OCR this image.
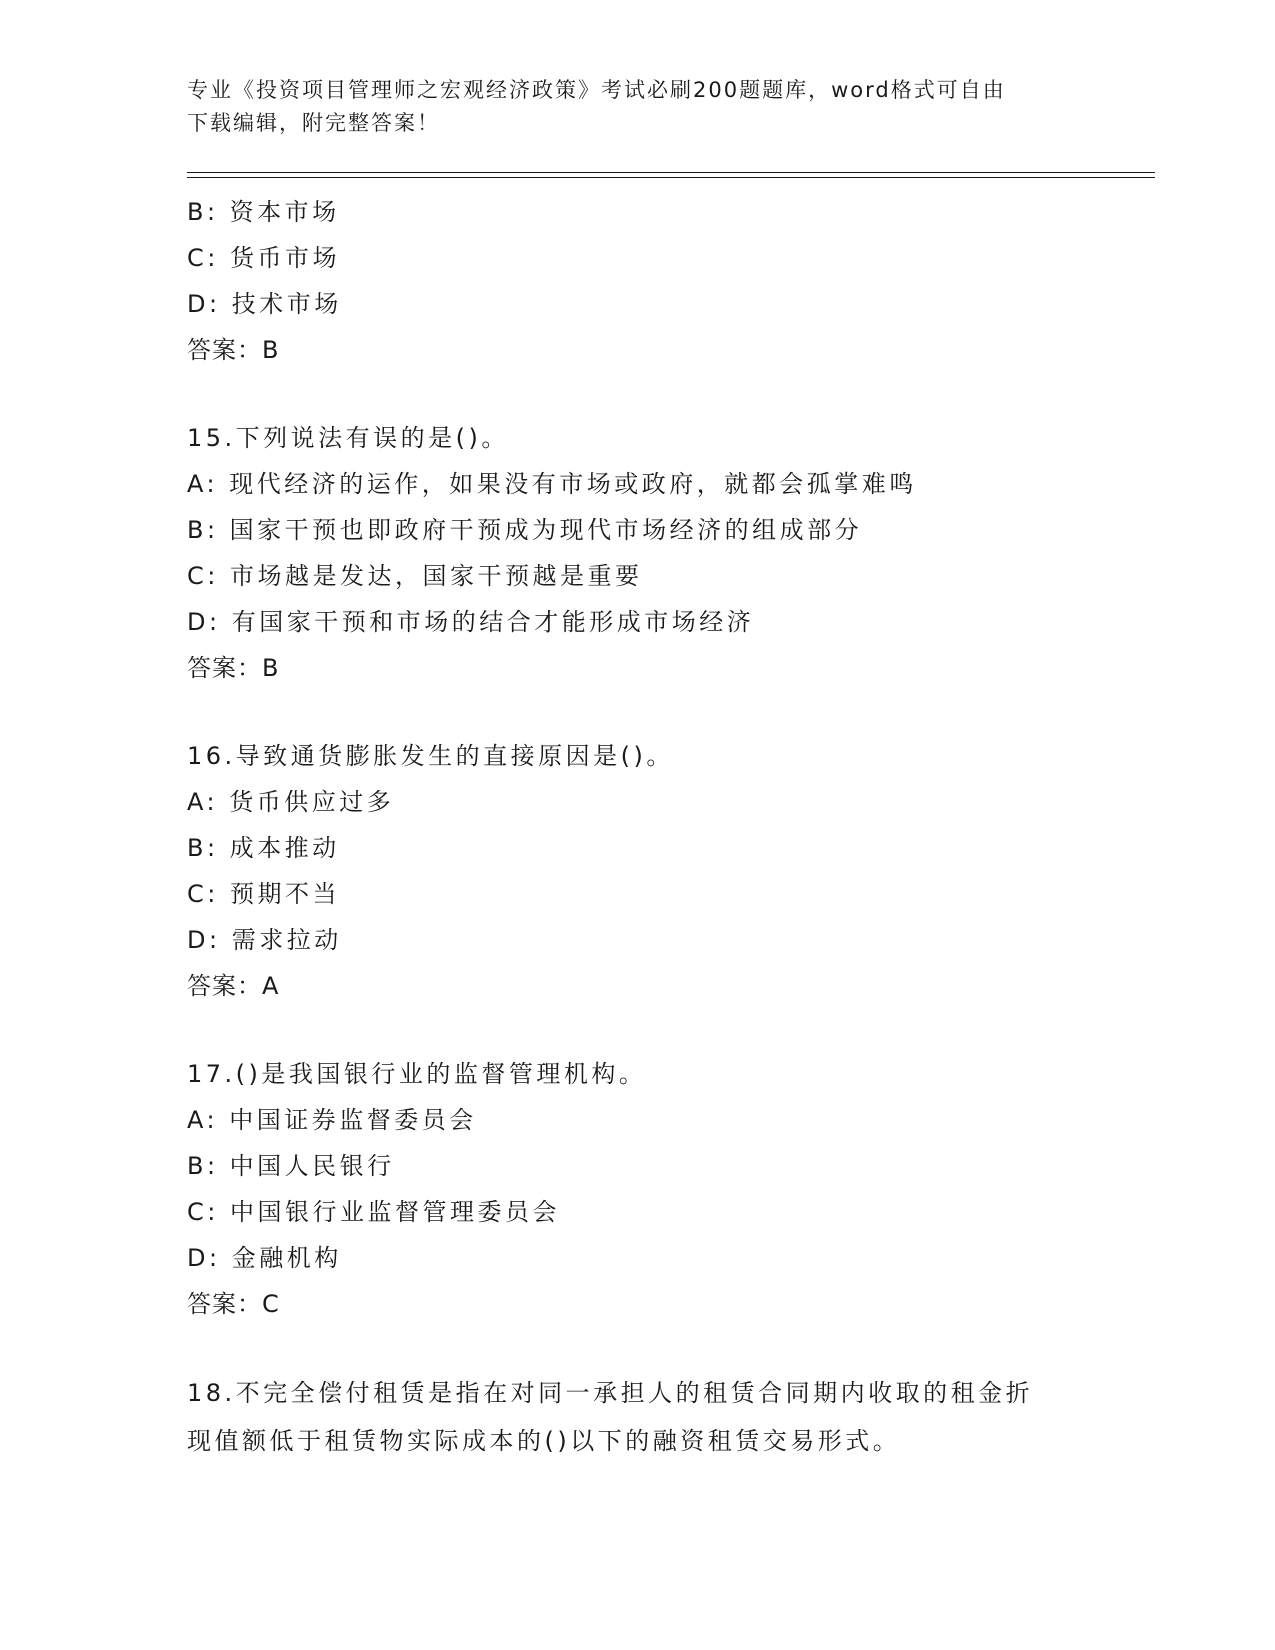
专业《投资项目管理师之宏观经济政策》考试必刷200题题库，word格式可自由
下载编辑，附完整答案！
B: 资本市场
C: 货币市场
D: 技术市场
答案：B
15.下列说法有误的是()。
A: 现代经济的运作，如果没有市场或政府，就都会孤掌难鸣
B: 国家干预也即政府干预成为现代市场经济的组成部分
C: 市场越是发达，国家干预越是重要
D: 有国家干预和市场的结合才能形成市场经济
答案：B
16.导致通货膨胀发生的直接原因是()。
A: 货币供应过多
B: 成本推动
C: 预期不当
D: 需求拉动
答案：A
17.()是我国银行业的监督管理机构。
A: 中国证券监督委员会
B: 中国人民银行
C: 中国银行业监督管理委员会
D: 金融机构
答案：C
18.不完全偿付租赁是指在对同一承担人的租赁合同期内收取的租金折
现值额低于租赁物实际成本的()以下的融资租赁交易形式。
